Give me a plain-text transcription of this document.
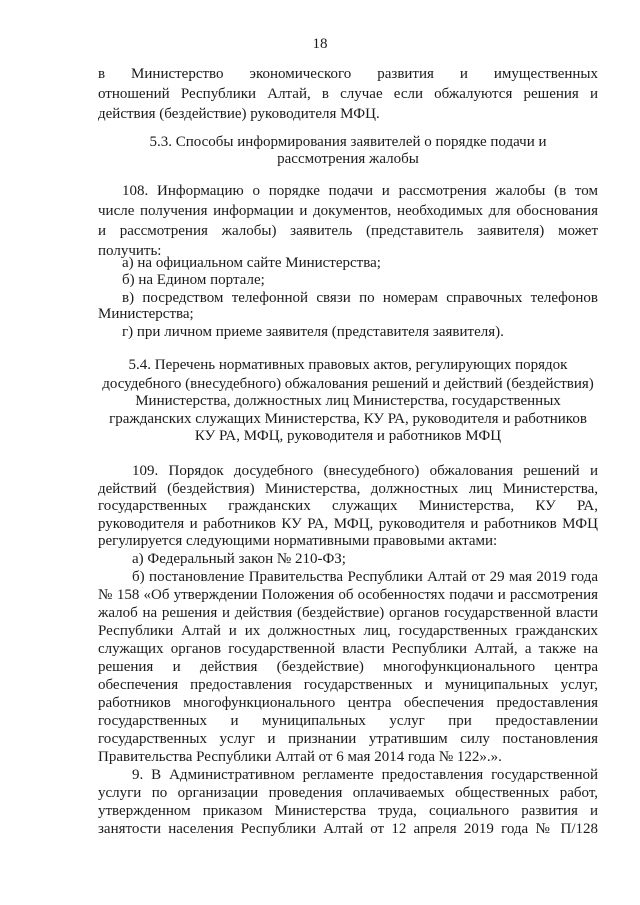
18
в Министерство экономического развития и имущественных
отношений Республики Алтай, в случае если обжалуются решения и
действия (бездействие) руководителя МФЦ.
5.3. Способы информирования заявителей о порядке подачи и
рассмотрения жалобы
108. Информацию о порядке подачи и рассмотрения жалобы (в том
числе получения информации и документов, необходимых для обоснования
и рассмотрения жалобы) заявитель (представитель заявителя) может
получить:
а) на официальном сайте Министерства;
б) на Едином портале;
в) посредством телефонной связи по номерам справочных телефонов
Министерства;
г) при личном приеме заявителя (представителя заявителя).
5.4. Перечень нормативных правовых актов, регулирующих порядок
досудебного (внесудебного) обжалования решений и действий (бездействия)
Министерства, должностных лиц Министерства, государственных
гражданских служащих Министерства, КУ РА, руководителя и работников
КУ РА, МФЦ, руководителя и работников МФЦ
109. Порядок досудебного (внесудебного) обжалования решений и
действий (бездействия) Министерства, должностных лиц Министерства,
государственных гражданских служащих Министерства, КУ РА,
руководителя и работников КУ РА, МФЦ, руководителя и работников МФЦ
регулируется следующими нормативными правовыми актами:
а) Федеральный закон № 210-ФЗ;
б) постановление Правительства Республики Алтай от 29 мая 2019 года
№ 158 «Об утверждении Положения об особенностях подачи и рассмотрения
жалоб на решения и действия (бездействие) органов государственной власти
Республики Алтай и их должностных лиц, государственных гражданских
служащих органов государственной власти Республики Алтай, а также на
решения и действия (бездействие) многофункционального центра
обеспечения предоставления государственных и муниципальных услуг,
работников многофункционального центра обеспечения предоставления
государственных и муниципальных услуг при предоставлении
государственных услуг и признании утратившим силу постановления
Правительства Республики Алтай от 6 мая 2014 года № 122».».
9. В Административном регламенте предоставления государственной
услуги по организации проведения оплачиваемых общественных работ,
утвержденном приказом Министерства труда, социального развития и
занятости населения Республики Алтай от 12 апреля 2019 года № П/128
